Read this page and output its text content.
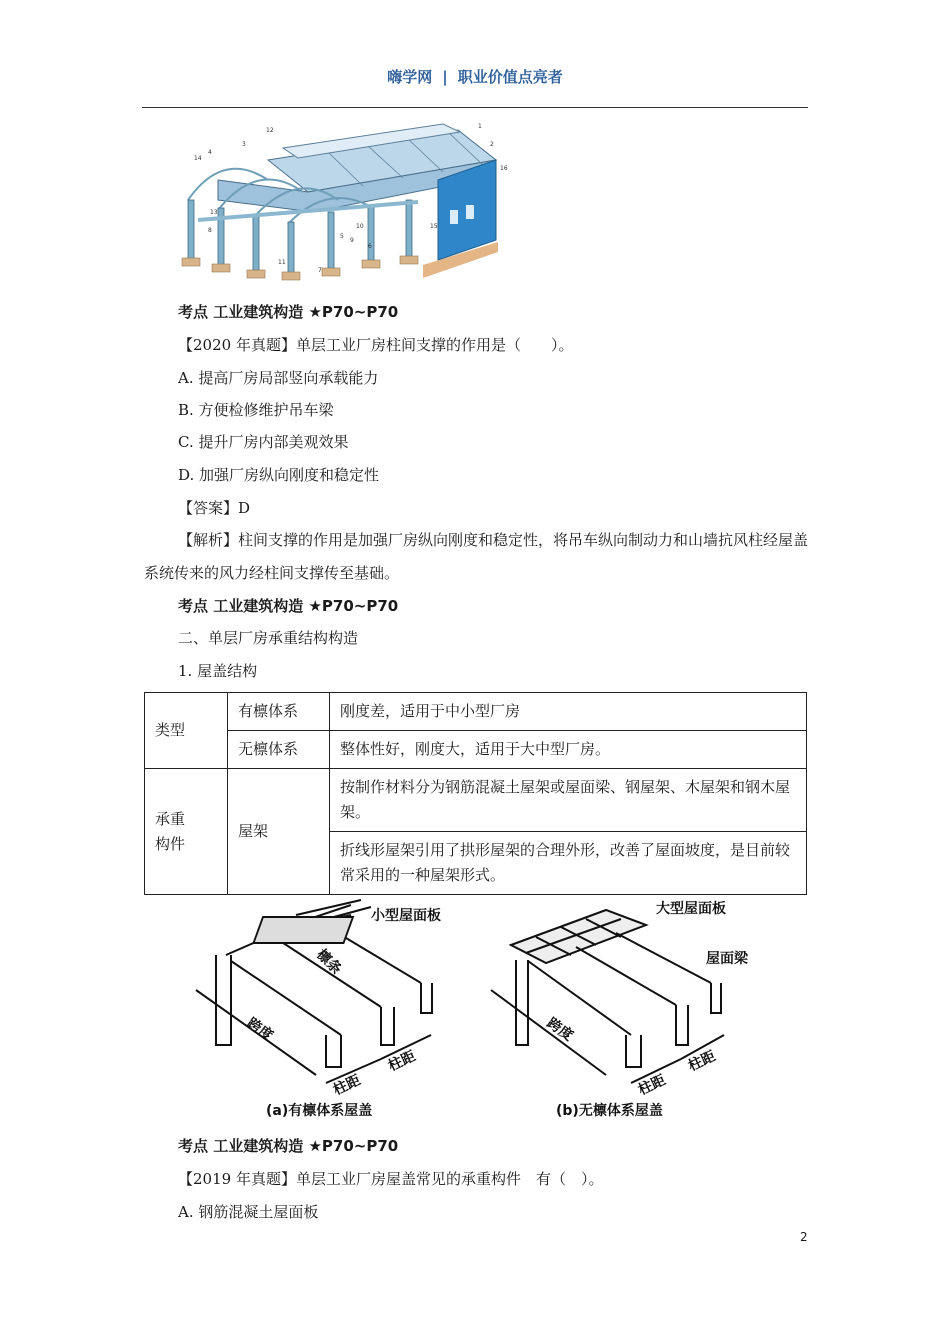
嗨学网 | 职业价值点亮者
1
2
3
4
5
6
7
8
9
10
11
12
13
14
15
16
考点 工业建筑构造 ★P70~P70
【2020 年真题】单层工业厂房柱间支撑的作用是（　　）。
A. 提高厂房局部竖向承载能力
B. 方便检修维护吊车梁
C. 提升厂房内部美观效果
D. 加强厂房纵向刚度和稳定性
【答案】D
【解析】柱间支撑的作用是加强厂房纵向刚度和稳定性，将吊车纵向制动力和山墙抗风柱经屋盖系统传来的风力经柱间支撑传至基础。
考点 工业建筑构造 ★P70~P70
二、单层厂房承重结构构造
1. 屋盖结构
类型	有檩体系	刚度差，适用于中小型厂房
	无檩体系	整体性好，刚度大，适用于大中型厂房。
承重
构件	屋架	按制作材料分为钢筋混凝土屋架或屋面梁、钢屋架、木屋架和钢木屋架。
		折线形屋架引用了拱形屋架的合理外形，改善了屋面坡度，是目前较常采用的一种屋架形式。
小型屋面板
檩条
跨度
柱距
柱距
(a)有檩体系屋盖
大型屋面板
屋面梁
跨度
柱距
柱距
(b)无檩体系屋盖
考点 工业建筑构造 ★P70~P70
【2019 年真题】单层工业厂房屋盖常见的承重构件　有（　）。
A. 钢筋混凝土屋面板
2
